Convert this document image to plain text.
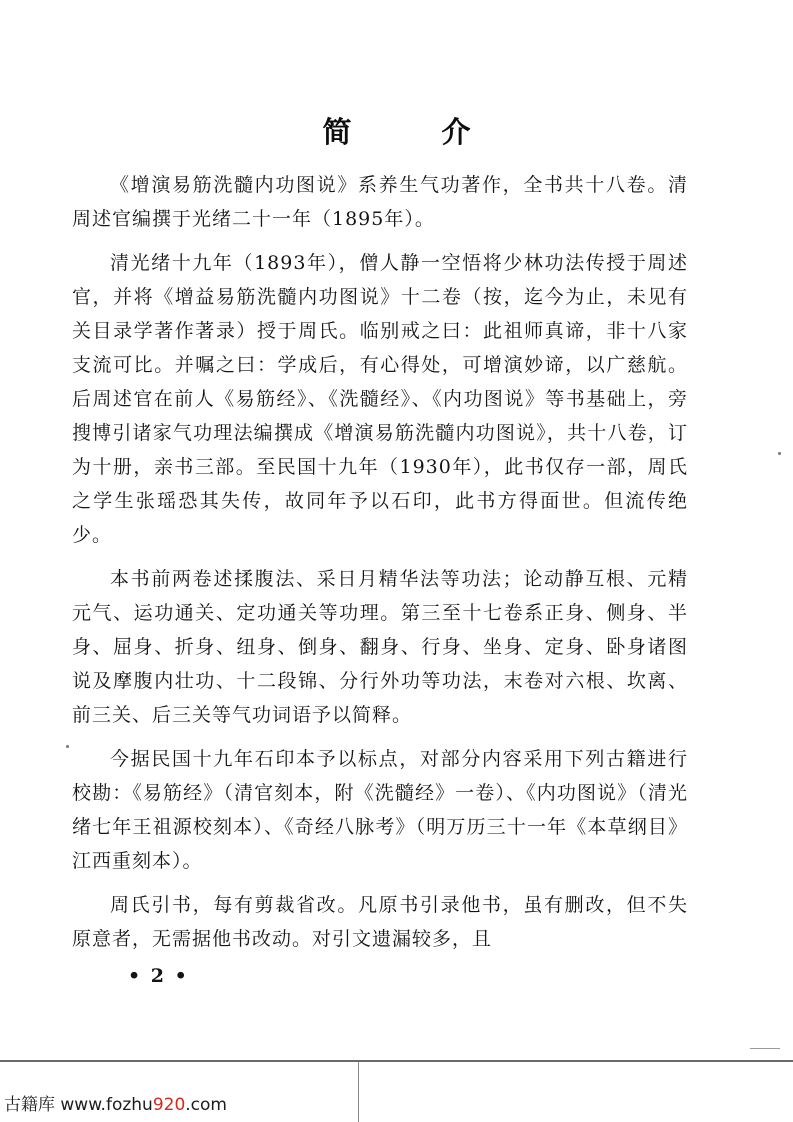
简 介

《增演易筋洗髓内功图说》系养生气功著作，全书共十八卷。清周述官编撰于光绪二十一年（1895年）。

清光绪十九年（1893年），僧人静一空悟将少林功法传授于周述官，并将《增益易筋洗髓内功图说》十二卷（按，迄今为止，未见有关目录学著作著录）授于周氏。临别戒之曰：此祖师真谛，非十八家支流可比。并嘱之曰：学成后，有心得处，可增演妙谛，以广慈航。后周述官在前人《易筋经》、《洗髓经》、《内功图说》等书基础上，旁搜博引诸家气功理法编撰成《增演易筋洗髓内功图说》，共十八卷，订为十册，亲书三部。至民国十九年（1930年），此书仅存一部，周氏之学生张瑶恐其失传，故同年予以石印，此书方得面世。但流传绝少。

本书前两卷述揉腹法、采日月精华法等功法；论动静互根、元精元气、运功通关、定功通关等功理。第三至十七卷系正身、侧身、半身、屈身、折身、纽身、倒身、翻身、行身、坐身、定身、卧身诸图说及摩腹内壮功、十二段锦、分行外功等功法，末卷对六根、坎离、前三关、后三关等气功词语予以简释。

今据民国十九年石印本予以标点，对部分内容采用下列古籍进行校勘：《易筋经》（清官刻本，附《洗髓经》一卷）、《内功图说》（清光绪七年王祖源校刻本）、《奇经八脉考》（明万历三十一年《本草纲目》江西重刻本）。

周氏引书，每有剪裁省改。凡原书引录他书，虽有删改，但不失原意者，无需据他书改动。对引文遗漏较多，且

• 2 •
古籍库 www.fozhu920.com
